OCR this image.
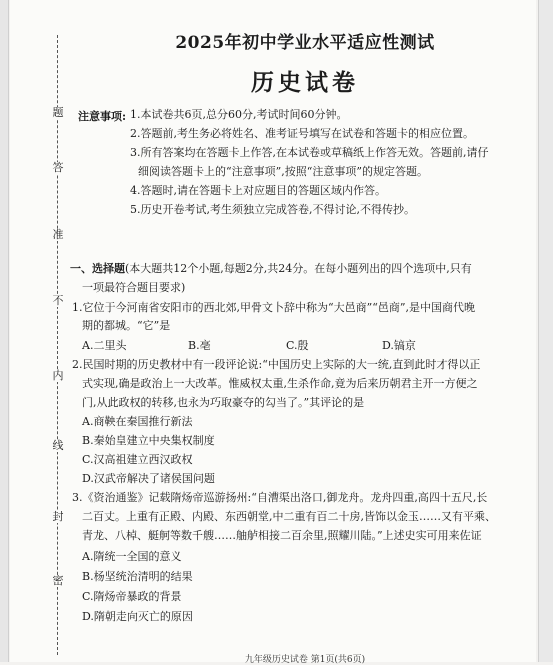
题
答
准
不
内
线
封
密
2025年初中学业水平适应性测试
历史试卷
注意事项: 1.本试卷共6页,总分60分,考试时间60分钟。
2.答题前,考生务必将姓名、准考证号填写在试卷和答题卡的相应位置。
3.所有答案均在答题卡上作答,在本试卷或草稿纸上作答无效。答题前,请仔
细阅读答题卡上的“注意事项”,按照“注意事项”的规定答题。
4.答题时,请在答题卡上对应题目的答题区域内作答。
5.历史开卷考试,考生须独立完成答卷,不得讨论,不得传抄。
一、选择题(本大题共12个小题,每题2分,共24分。在每小题列出的四个选项中,只有
一项最符合题目要求)
1.它位于今河南省安阳市的西北郊,甲骨文卜辞中称为“大邑商”“邑商”,是中国商代晚
期的都城。“它”是
A.二里头	B.亳	C.殷	D.镐京
2.民国时期的历史教材中有一段评论说:“中国历史上实际的大一统,直到此时才得以正
式实现,确是政治上一大改革。惟威权太重,生杀作命,竟为后来历朝君主开一方便之
门,从此政权的转移,也永为巧取豪夺的勾当了。”其评论的是
A.商鞅在秦国推行新法
B.秦始皇建立中央集权制度
C.汉高祖建立西汉政权
D.汉武帝解决了诸侯国问题
3.《资治通鉴》记载隋炀帝巡游扬州:“自漕渠出洛口,御龙舟。龙舟四重,高四十五尺,长
二百丈。上重有正殿、内殿、东西朝堂,中二重有百二十房,皆饰以金玉……又有平乘、
青龙、八棹、艇舸等数千艘……舳舻相接二百余里,照耀川陆。”上述史实可用来佐证
A.隋统一全国的意义
B.杨坚统治清明的结果
C.隋炀帝暴政的背景
D.隋朝走向灭亡的原因
九年级历史试卷 第1页(共6页)
